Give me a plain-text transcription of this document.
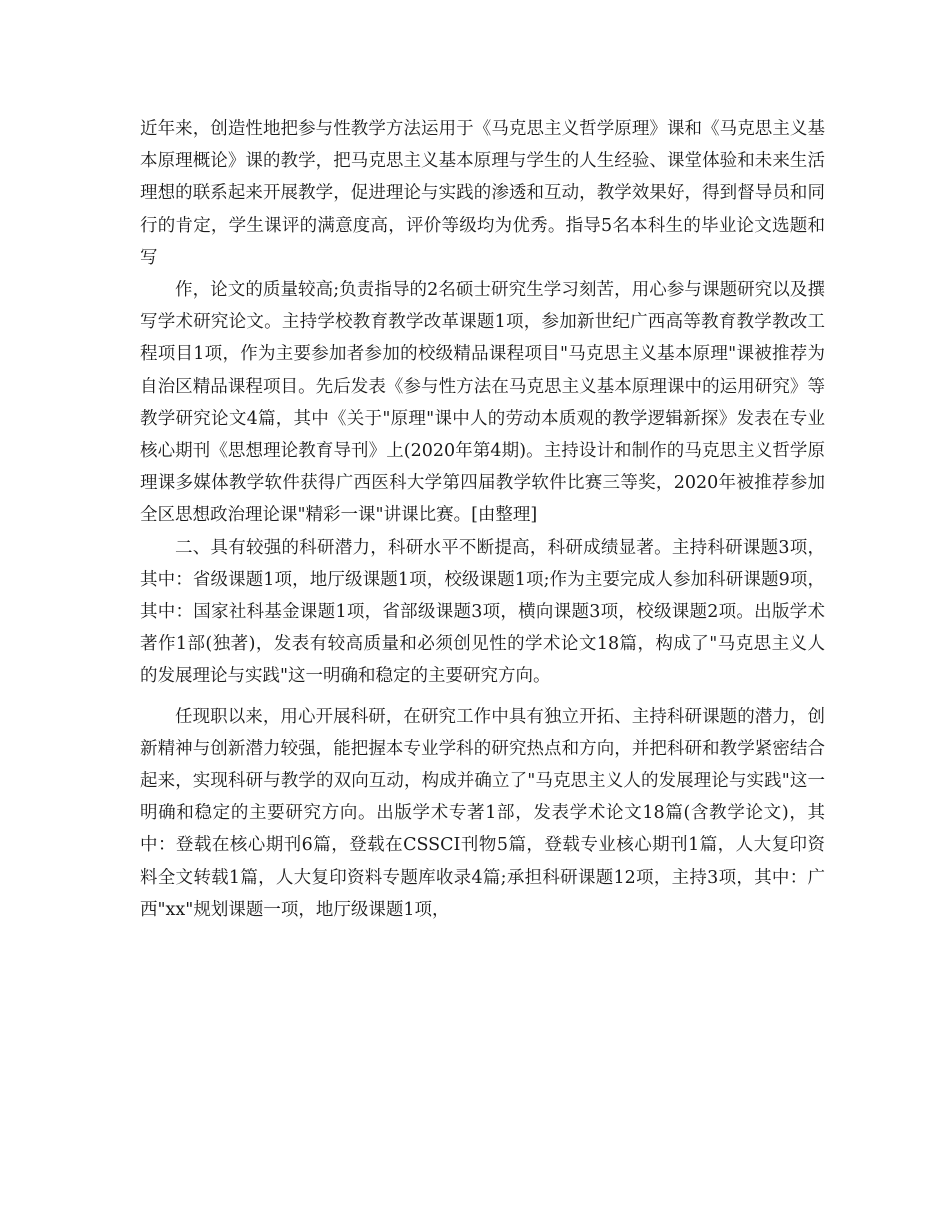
近年来，创造性地把参与性教学方法运用于《马克思主义哲学原理》课和《马克思主义基本原理概论》课的教学，把马克思主义基本原理与学生的人生经验、课堂体验和未来生活理想的联系起来开展教学，促进理论与实践的渗透和互动，教学效果好，得到督导员和同行的肯定，学生课评的满意度高，评价等级均为优秀。指导5名本科生的毕业论文选题和写

作，论文的质量较高;负责指导的2名硕士研究生学习刻苦，用心参与课题研究以及撰写学术研究论文。主持学校教育教学改革课题1项，参加新世纪广西高等教育教学教改工程项目1项，作为主要参加者参加的校级精品课程项目"马克思主义基本原理"课被推荐为自治区精品课程项目。先后发表《参与性方法在马克思主义基本原理课中的运用研究》等教学研究论文4篇，其中《关于"原理"课中人的劳动本质观的教学逻辑新探》发表在专业核心期刊《思想理论教育导刊》上(2020年第4期)。主持设计和制作的马克思主义哲学原理课多媒体教学软件获得广西医科大学第四届教学软件比赛三等奖，2020年被推荐参加全区思想政治理论课"精彩一课"讲课比赛。[由整理]

二、具有较强的科研潜力，科研水平不断提高，科研成绩显著。主持科研课题3项，其中：省级课题1项，地厅级课题1项，校级课题1项;作为主要完成人参加科研课题9项，其中：国家社科基金课题1项，省部级课题3项，横向课题3项，校级课题2项。出版学术著作1部(独著)，发表有较高质量和必须创见性的学术论文18篇，构成了"马克思主义人的发展理论与实践"这一明确和稳定的主要研究方向。

任现职以来，用心开展科研，在研究工作中具有独立开拓、主持科研课题的潜力，创新精神与创新潜力较强，能把握本专业学科的研究热点和方向，并把科研和教学紧密结合起来，实现科研与教学的双向互动，构成并确立了"马克思主义人的发展理论与实践"这一明确和稳定的主要研究方向。出版学术专著1部，发表学术论文18篇(含教学论文)，其中：登载在核心期刊6篇，登载在CSSCI刊物5篇，登载专业核心期刊1篇，人大复印资料全文转载1篇，人大复印资料专题库收录4篇;承担科研课题12项，主持3项，其中：广西"xx"规划课题一项，地厅级课题1项，
